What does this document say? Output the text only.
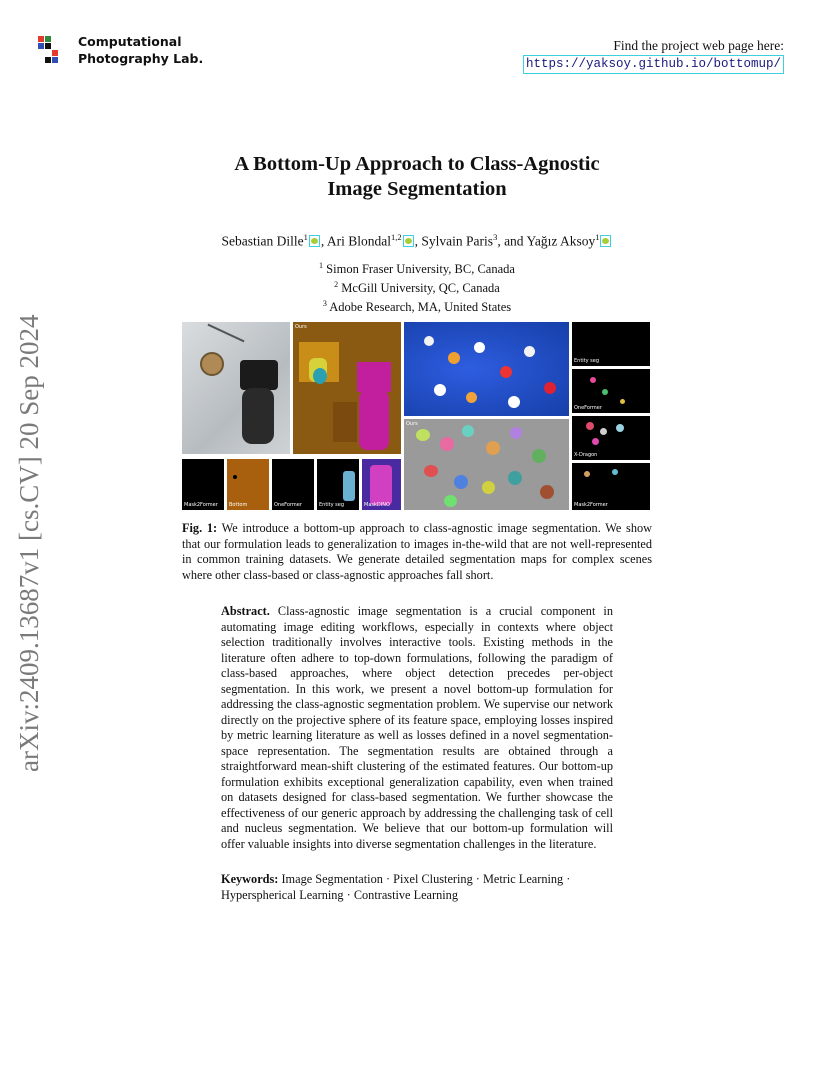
Computational
Photography Lab.
Find the project web page here:
https://yaksoy.github.io/bottomup/
arXiv:2409.13687v1 [cs.CV] 20 Sep 2024
A Bottom-Up Approach to Class-Agnostic
Image Segmentation
Sebastian Dille$^1$ , Ari Blondal$^{1,2}$ , Sylvain Paris$^3$, and Yağız Aksoy$^1$
$^1$ Simon Fraser University, BC, Canada
$^2$ McGill University, QC, Canada
$^3$ Adobe Research, MA, United States
Ours
Entity seg
OneFormer
X-Dragon
Mask2Former
Ours
Mask2Former Bottom	OneFormer	Entity seg	MaskDINO
Fig. 1: We introduce a bottom-up approach to class-agnostic image segmentation. We show that our formulation leads to generalization to images in-the-wild that are not well-represented in common training datasets. We generate detailed segmentation maps for complex scenes where other class-based or class-agnostic approaches fall short.
Abstract. Class-agnostic image segmentation is a crucial component in automating image editing workflows, especially in contexts where object selection traditionally involves interactive tools. Existing methods in the literature often adhere to top-down formulations, following the paradigm of class-based approaches, where object detection precedes per-object segmentation. In this work, we present a novel bottom-up formulation for addressing the class-agnostic segmentation problem. We supervise our network directly on the projective sphere of its feature space, employing losses inspired by metric learning literature as well as losses defined in a novel segmentation-space representation. The segmentation results are obtained through a straightforward mean-shift clustering of the estimated features. Our bottom-up formulation exhibits exceptional generalization capability, even when trained on datasets designed for class-based segmentation. We further showcase the effectiveness of our generic approach by addressing the challenging task of cell and nucleus segmentation. We believe that our bottom-up formulation will offer valuable insights into diverse segmentation challenges in the literature.
Keywords: Image Segmentation · Pixel Clustering · Metric Learning · Hyperspherical Learning · Contrastive Learning
